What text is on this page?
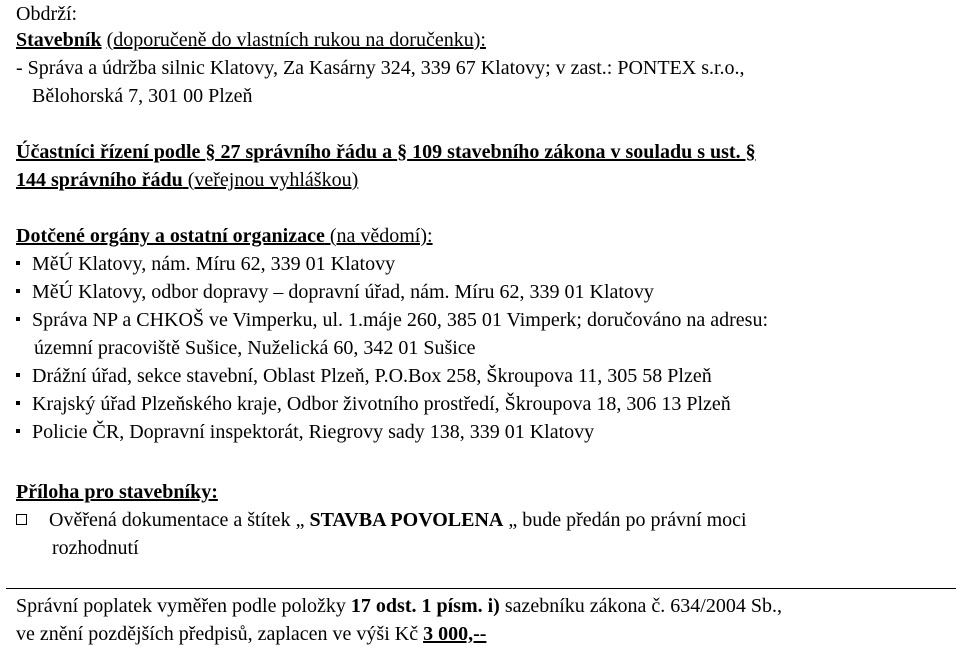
Obdrží:
Stavebník (doporučeně do vlastních rukou na doručenku):
- Správa a údržba silnic Klatovy, Za Kasárny 324, 339 67 Klatovy; v zast.: PONTEX s.r.o.,
Bělohorská 7, 301 00 Plzeň
Účastníci řízení podle § 27 správního řádu a § 109 stavebního zákona v souladu s ust. §
144 správního řádu (veřejnou vyhláškou)
Dotčené orgány a ostatní organizace (na vědomí):
MěÚ Klatovy, nám. Míru 62, 339 01 Klatovy
MěÚ Klatovy, odbor dopravy – dopravní úřad, nám. Míru 62, 339 01 Klatovy
Správa NP a CHKOŠ ve Vimperku, ul. 1.máje 260, 385 01 Vimperk; doručováno na adresu:
územní pracoviště Sušice, Nuželická 60, 342 01 Sušice
Drážní úřad, sekce stavební, Oblast Plzeň, P.O.Box 258, Škroupova 11, 305 58 Plzeň
Krajský úřad Plzeňského kraje, Odbor životního prostředí, Škroupova 18, 306 13 Plzeň
Policie ČR, Dopravní inspektorát, Riegrovy sady 138, 339 01 Klatovy
Příloha pro stavebníky:
Ověřená dokumentace a štítek „ STAVBA POVOLENA „ bude předán po právní moci
rozhodnutí
Správní poplatek vyměřen podle položky 17 odst. 1 písm. i) sazebníku zákona č. 634/2004 Sb.,
ve znění pozdějších předpisů, zaplacen ve výši Kč 3 000,--
